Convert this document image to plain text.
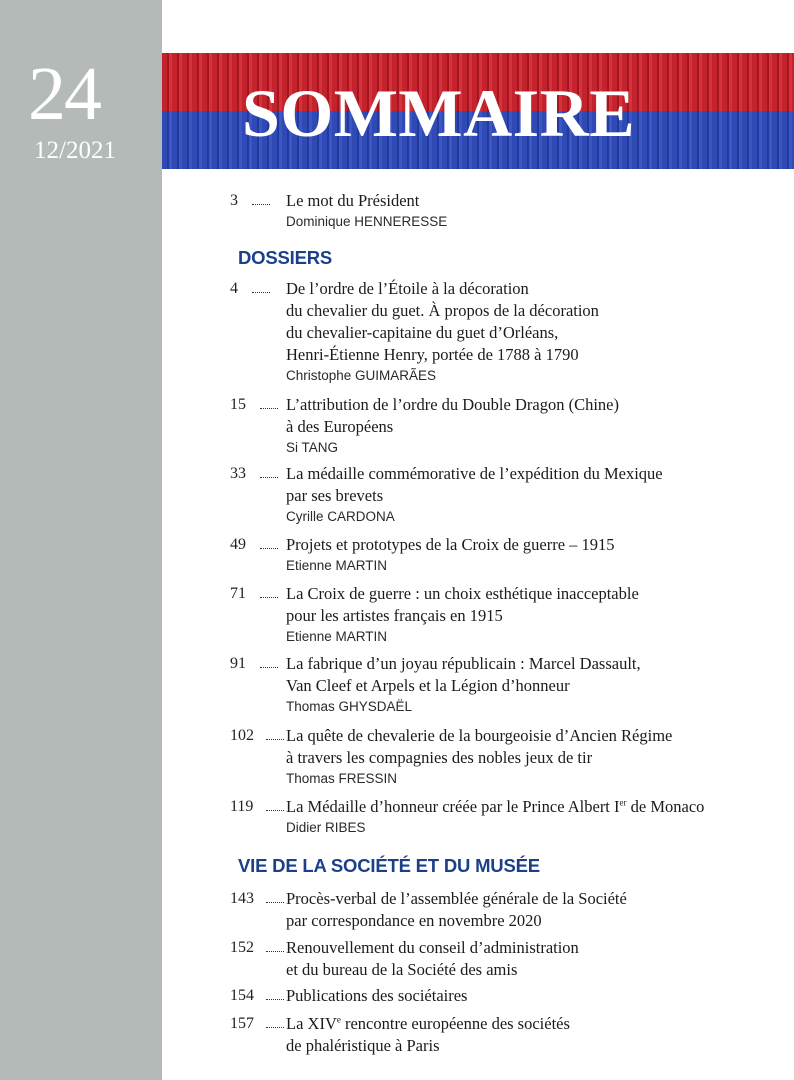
24
12/2021 SOMMAIRE
3	Le mot du Président
Dominique HENNERESSE
DOSSIERS
4	De l’ordre de l’Étoile à la décoration
du chevalier du guet. À propos de la décoration
du chevalier-capitaine du guet d’Orléans,
Henri-Étienne Henry, portée de 1788 à 1790
Christophe GUIMARÃES
15	L’attribution de l’ordre du Double Dragon (Chine)
à des Européens
Si TANG
33	La médaille commémorative de l’expédition du Mexique
par ses brevets
Cyrille CARDONA
49	Projets et prototypes de la Croix de guerre – 1915
Etienne MARTIN
71	La Croix de guerre : un choix esthétique inacceptable
pour les artistes français en 1915
Etienne MARTIN
91	La fabrique d’un joyau républicain : Marcel Dassault,
Van Cleef et Arpels et la Légion d’honneur
Thomas GHYSDAËL
102	La quête de chevalerie de la bourgeoisie d’Ancien Régime
à travers les compagnies des nobles jeux de tir
Thomas FRESSIN
119	La Médaille d’honneur créée par le Prince Albert Ier de Monaco
Didier RIBES
VIE DE LA SOCIÉTÉ ET DU MUSÉE
143	Procès-verbal de l’assemblée générale de la Société
par correspondance en novembre 2020
152	Renouvellement du conseil d’administration
et du bureau de la Société des amis
154	Publications des sociétaires
157	La XIVe rencontre européenne des sociétés
de phaléristique à Paris
